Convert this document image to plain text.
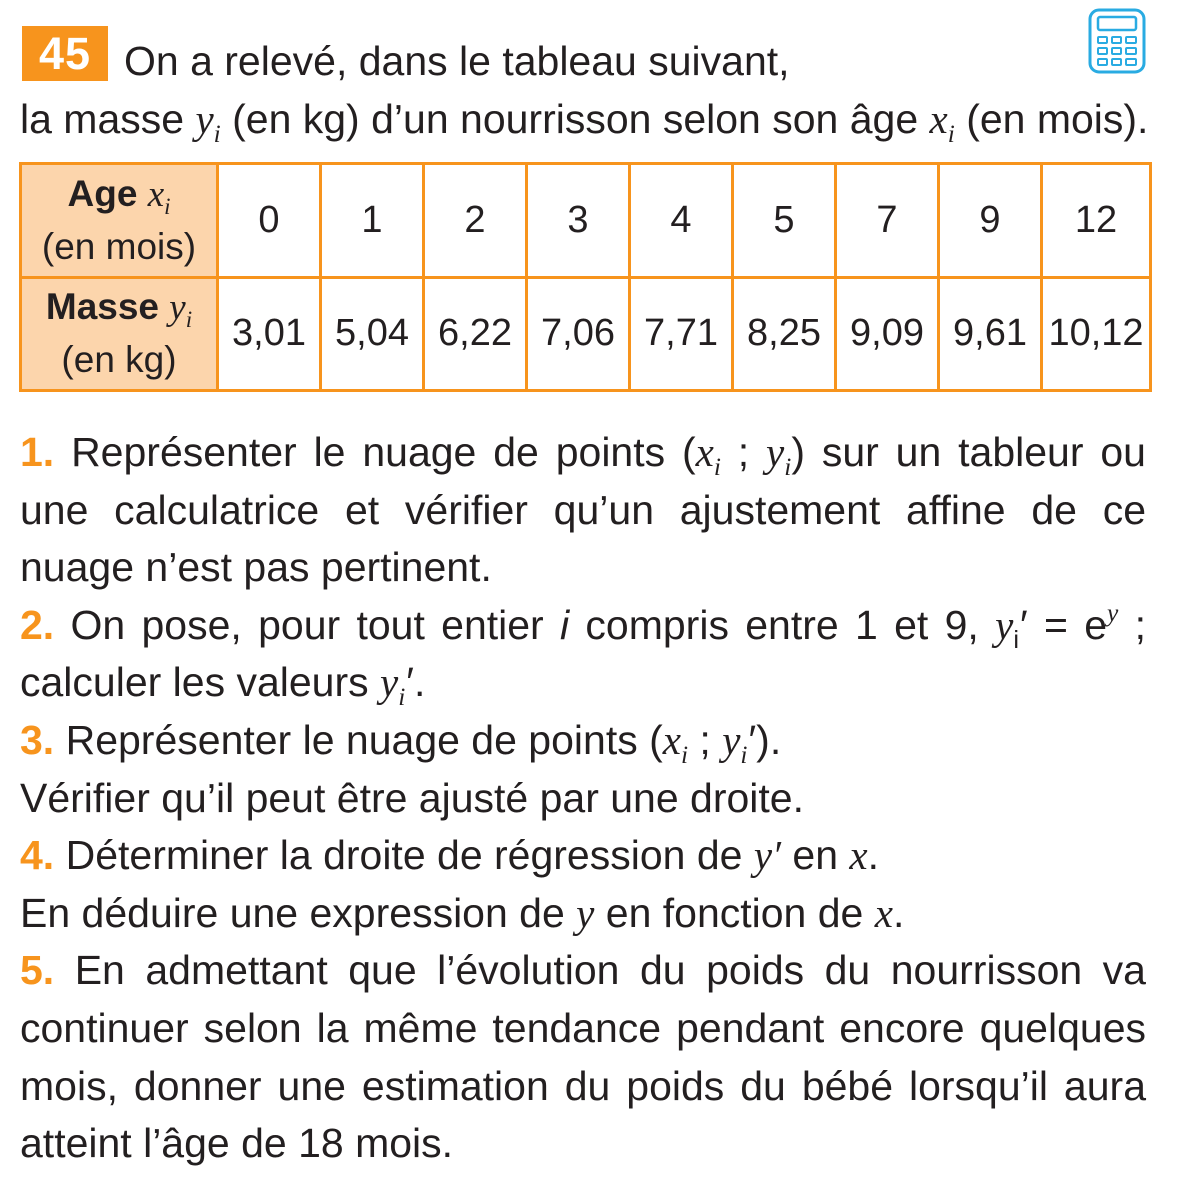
45 On a relevé, dans le tableau suivant,
la masse $y_i$ (en kg) d’un nourrisson selon son âge $x_i$ (en mois).
Age $x_i$
(en mois)	0	1	2	3	4	5	7	9	12

Masse $y_i$
(en kg)	3,01	5,04	6,22	7,06	7,71	8,25	9,09	9,61	10,12

1. Représenter le nuage de points ($x_i$ ; $y_i$) sur un tableur ou une calculatrice et vérifier qu’un ajustement affine de ce nuage n’est pas pertinent.

2. On pose, pour tout entier i compris entre 1 et 9, $y_i' = e^y$ ; calculer les valeurs $y_i'$.

3. Représenter le nuage de points ($x_i$ ; $y_i'$).
Vérifier qu’il peut être ajusté par une droite.

4. Déterminer la droite de régression de y′ en x.
En déduire une expression de y en fonction de x.

5. En admettant que l’évolution du poids du nourrisson va continuer selon la même tendance pendant encore quelques mois, donner une estimation du poids du bébé lorsqu’il aura atteint l’âge de 18 mois.
